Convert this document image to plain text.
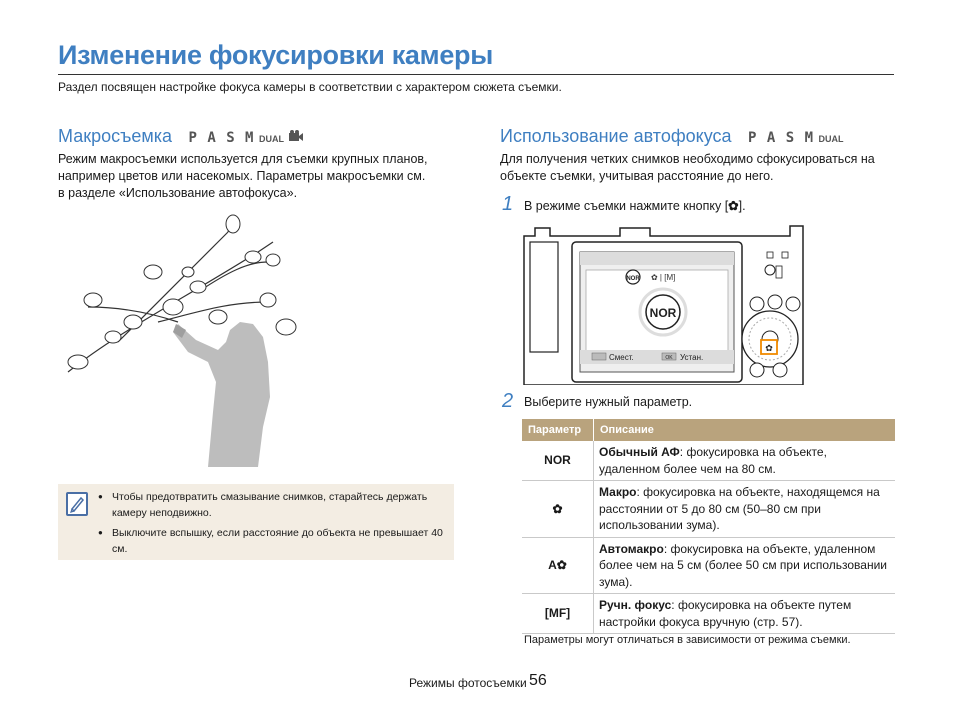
Изменение фокусировки камеры
Раздел посвящен настройке фокуса камеры в соответствии с характером сюжета съемки.
Макросъемка P A S M DUAL
Режим макросъемки используется для съемки крупных планов, например цветов или насекомых. Параметры макросъемки см. в разделе «Использование автофокуса».
● Чтобы предотвратить смазывание снимков, старайтесь держать камеру неподвижно.
● Выключите вспышку, если расстояние до объекта не превышает 40 см.
Использование автофокуса P A S M DUAL
Для получения четких снимков необходимо сфокусироваться на объекте съемки, учитывая расстояние до него.
1 В режиме съемки нажмите кнопку [✿].
NOR
NOR ✿ | [M]
Смест.	OK Устан.
✿
2 Выберите нужный параметр.
Параметр	Описание
NOR	Обычный АФ: фокусировка на объекте, удаленном более чем на 80 см.
✿	Макро: фокусировка на объекте, находящемся на расстоянии от 5 до 80 см (50–80 см при использовании зума).
A✿	Автомакро: фокусировка на объекте, удаленном более чем на 5 см (более 50 см при использовании зума).
[MF]	Ручн. фокус: фокусировка на объекте путем настройки фокуса вручную (стр. 57).
Параметры могут отличаться в зависимости от режима съемки.
Режимы фотосъемки 56
